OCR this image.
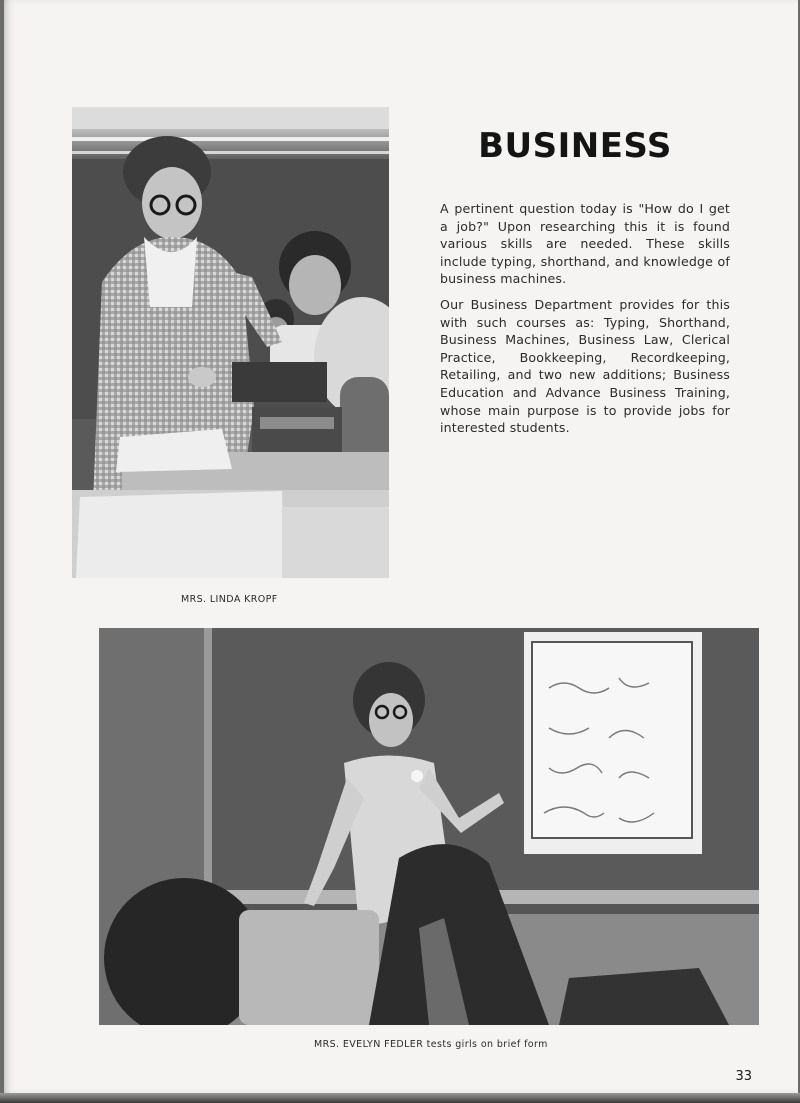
MRS. LINDA KROPF
BUSINESS

A pertinent question today is "How do I get a job?" Upon researching this it is found various skills are needed. These skills include typing, shorthand, and knowledge of business machines.

Our Business Department provides for this with such courses as: Typing, Shorthand, Business Machines, Business Law, Clerical Practice, Bookkeeping, Recordkeeping, Retailing, and two new additions; Business Education and Advance Business Training, whose main purpose is to provide jobs for interested students.

MRS. EVELYN FEDLER tests girls on brief form
33
